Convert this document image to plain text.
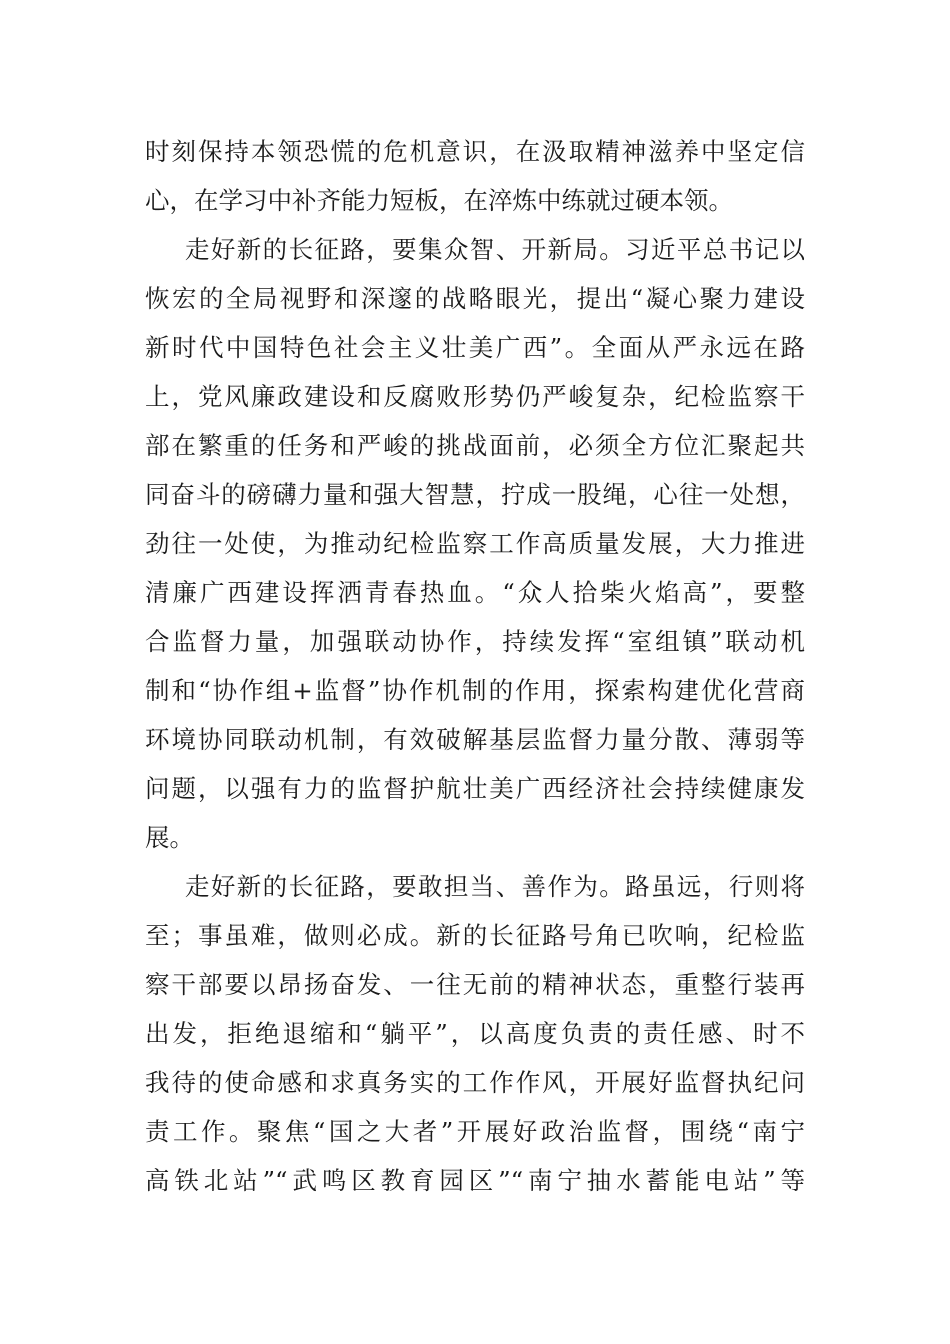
时刻保持本领恐慌的危机意识，在汲取精神滋养中坚定信
心，在学习中补齐能力短板，在淬炼中练就过硬本领。
走好新的长征路，要集众智、开新局。习近平总书记以
恢宏的全局视野和深邃的战略眼光，提出“凝心聚力建设
新时代中国特色社会主义壮美广西”。全面从严永远在路
上，党风廉政建设和反腐败形势仍严峻复杂，纪检监察干
部在繁重的任务和严峻的挑战面前，必须全方位汇聚起共
同奋斗的磅礴力量和强大智慧，拧成一股绳，心往一处想，
劲往一处使，为推动纪检监察工作高质量发展，大力推进
清廉广西建设挥洒青春热血。“众人拾柴火焰高”，要整
合监督力量，加强联动协作，持续发挥“室组镇”联动机
制和“协作组+监督”协作机制的作用，探索构建优化营商
环境协同联动机制，有效破解基层监督力量分散、薄弱等
问题，以强有力的监督护航壮美广西经济社会持续健康发
展。
走好新的长征路，要敢担当、善作为。路虽远，行则将
至；事虽难，做则必成。新的长征路号角已吹响，纪检监
察干部要以昂扬奋发、一往无前的精神状态，重整行装再
出发，拒绝退缩和“躺平”，以高度负责的责任感、时不
我待的使命感和求真务实的工作作风，开展好监督执纪问
责工作。聚焦“国之大者”开展好政治监督，围绕“南宁
高铁北站”“武鸣区教育园区”“南宁抽水蓄能电站”等
